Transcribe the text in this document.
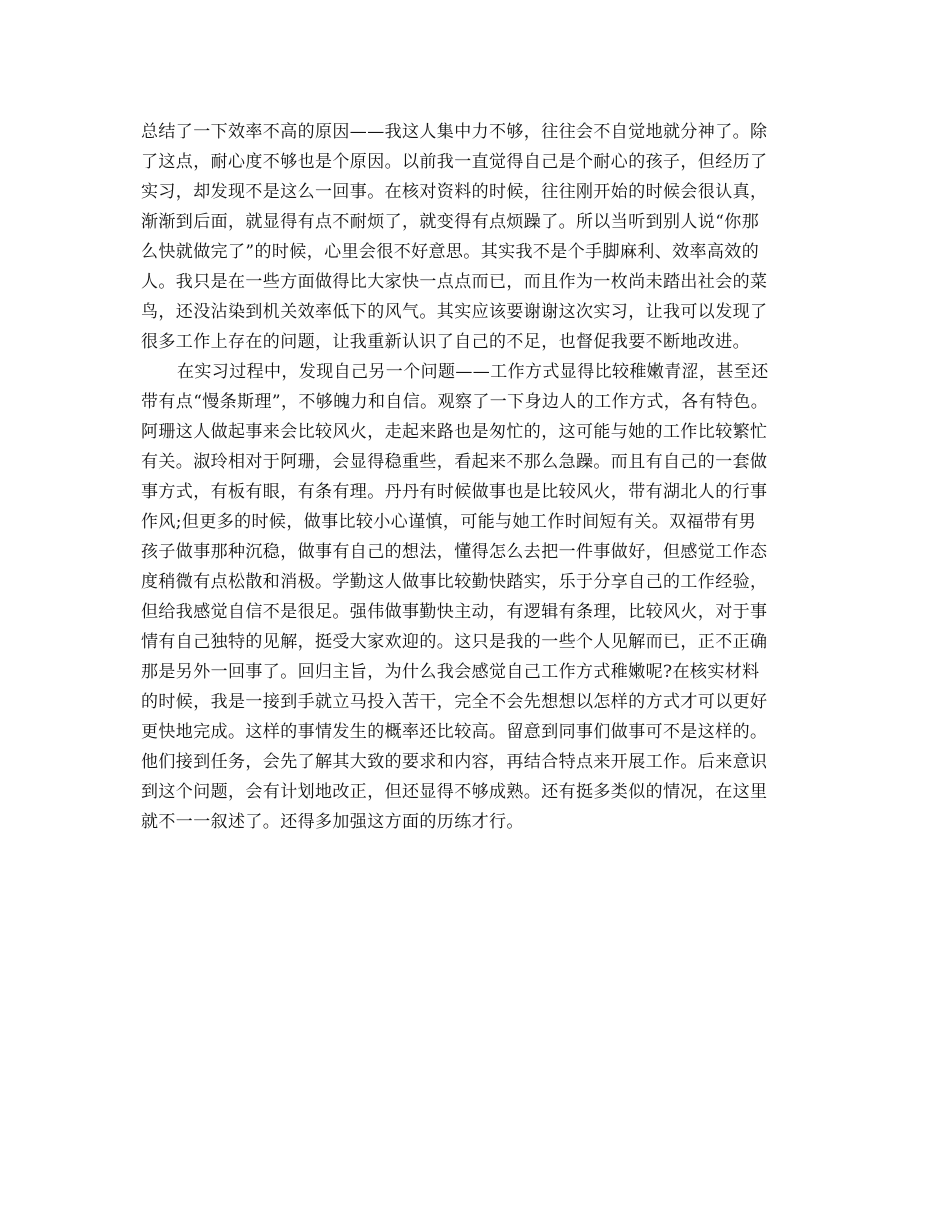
总结了一下效率不高的原因——我这人集中力不够，往往会不自觉地就分神了。除
了这点，耐心度不够也是个原因。以前我一直觉得自己是个耐心的孩子，但经历了
实习，却发现不是这么一回事。在核对资料的时候，往往刚开始的时候会很认真，
渐渐到后面，就显得有点不耐烦了，就变得有点烦躁了。所以当听到别人说“你那
么快就做完了”的时候，心里会很不好意思。其实我不是个手脚麻利、效率高效的
人。我只是在一些方面做得比大家快一点点而已，而且作为一枚尚未踏出社会的菜
鸟，还没沾染到机关效率低下的风气。其实应该要谢谢这次实习，让我可以发现了
很多工作上存在的问题，让我重新认识了自己的不足，也督促我要不断地改进。
在实习过程中，发现自己另一个问题——工作方式显得比较稚嫩青涩，甚至还
带有点“慢条斯理”，不够魄力和自信。观察了一下身边人的工作方式，各有特色。
阿珊这人做起事来会比较风火，走起来路也是匆忙的，这可能与她的工作比较繁忙
有关。淑玲相对于阿珊，会显得稳重些，看起来不那么急躁。而且有自己的一套做
事方式，有板有眼，有条有理。丹丹有时候做事也是比较风火，带有湖北人的行事
作风;但更多的时候，做事比较小心谨慎，可能与她工作时间短有关。双福带有男
孩子做事那种沉稳，做事有自己的想法，懂得怎么去把一件事做好，但感觉工作态
度稍微有点松散和消极。学勤这人做事比较勤快踏实，乐于分享自己的工作经验，
但给我感觉自信不是很足。强伟做事勤快主动，有逻辑有条理，比较风火，对于事
情有自己独特的见解，挺受大家欢迎的。这只是我的一些个人见解而已，正不正确
那是另外一回事了。回归主旨，为什么我会感觉自己工作方式稚嫩呢?在核实材料
的时候，我是一接到手就立马投入苦干，完全不会先想想以怎样的方式才可以更好
更快地完成。这样的事情发生的概率还比较高。留意到同事们做事可不是这样的。
他们接到任务，会先了解其大致的要求和内容，再结合特点来开展工作。后来意识
到这个问题，会有计划地改正，但还显得不够成熟。还有挺多类似的情况，在这里
就不一一叙述了。还得多加强这方面的历练才行。
